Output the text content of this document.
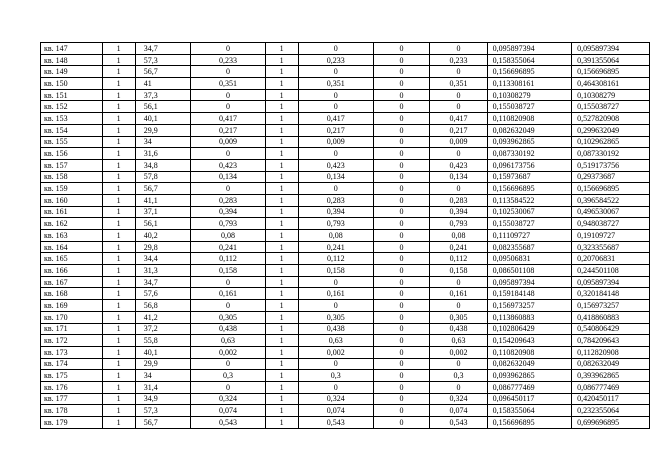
кв. 147	1	34,7	0	1	0	0	0	0,095897394	0,095897394
кв. 148	1	57,3	0,233	1	0,233	0	0,233	0,158355064	0,391355064
кв. 149	1	56,7	0	1	0	0	0	0,156696895	0,156696895
кв. 150	1	41	0,351	1	0,351	0	0,351	0,113308161	0,464308161
кв. 151	1	37,3	0	1	0	0	0	0,10308279	0,10308279
кв. 152	1	56,1	0	1	0	0	0	0,155038727	0,155038727
кв. 153	1	40,1	0,417	1	0,417	0	0,417	0,110820908	0,527820908
кв. 154	1	29,9	0,217	1	0,217	0	0,217	0,082632049	0,299632049
кв. 155	1	34	0,009	1	0,009	0	0,009	0,093962865	0,102962865
кв. 156	1	31,6	0	1	0	0	0	0,087330192	0,087330192
кв. 157	1	34,8	0,423	1	0,423	0	0,423	0,096173756	0,519173756
кв. 158	1	57,8	0,134	1	0,134	0	0,134	0,15973687	0,29373687
кв. 159	1	56,7	0	1	0	0	0	0,156696895	0,156696895
кв. 160	1	41,1	0,283	1	0,283	0	0,283	0,113584522	0,396584522
кв. 161	1	37,1	0,394	1	0,394	0	0,394	0,102530067	0,496530067
кв. 162	1	56,1	0,793	1	0,793	0	0,793	0,155038727	0,948038727
кв. 163	1	40,2	0,08	1	0,08	0	0,08	0,11109727	0,19109727
кв. 164	1	29,8	0,241	1	0,241	0	0,241	0,082355687	0,323355687
кв. 165	1	34,4	0,112	1	0,112	0	0,112	0,09506831	0,20706831
кв. 166	1	31,3	0,158	1	0,158	0	0,158	0,086501108	0,244501108
кв. 167	1	34,7	0	1	0	0	0	0,095897394	0,095897394
кв. 168	1	57,6	0,161	1	0,161	0	0,161	0,159184148	0,320184148
кв. 169	1	56,8	0	1	0	0	0	0,156973257	0,156973257
кв. 170	1	41,2	0,305	1	0,305	0	0,305	0,113860883	0,418860883
кв. 171	1	37,2	0,438	1	0,438	0	0,438	0,102806429	0,540806429
кв. 172	1	55,8	0,63	1	0,63	0	0,63	0,154209643	0,784209643
кв. 173	1	40,1	0,002	1	0,002	0	0,002	0,110820908	0,112820908
кв. 174	1	29,9	0	1	0	0	0	0,082632049	0,082632049
кв. 175	1	34	0,3	1	0,3	0	0,3	0,093962865	0,393962865
кв. 176	1	31,4	0	1	0	0	0	0,086777469	0,086777469
кв. 177	1	34,9	0,324	1	0,324	0	0,324	0,096450117	0,420450117
кв. 178	1	57,3	0,074	1	0,074	0	0,074	0,158355064	0,232355064
кв. 179	1	56,7	0,543	1	0,543	0	0,543	0,156696895	0,699696895
